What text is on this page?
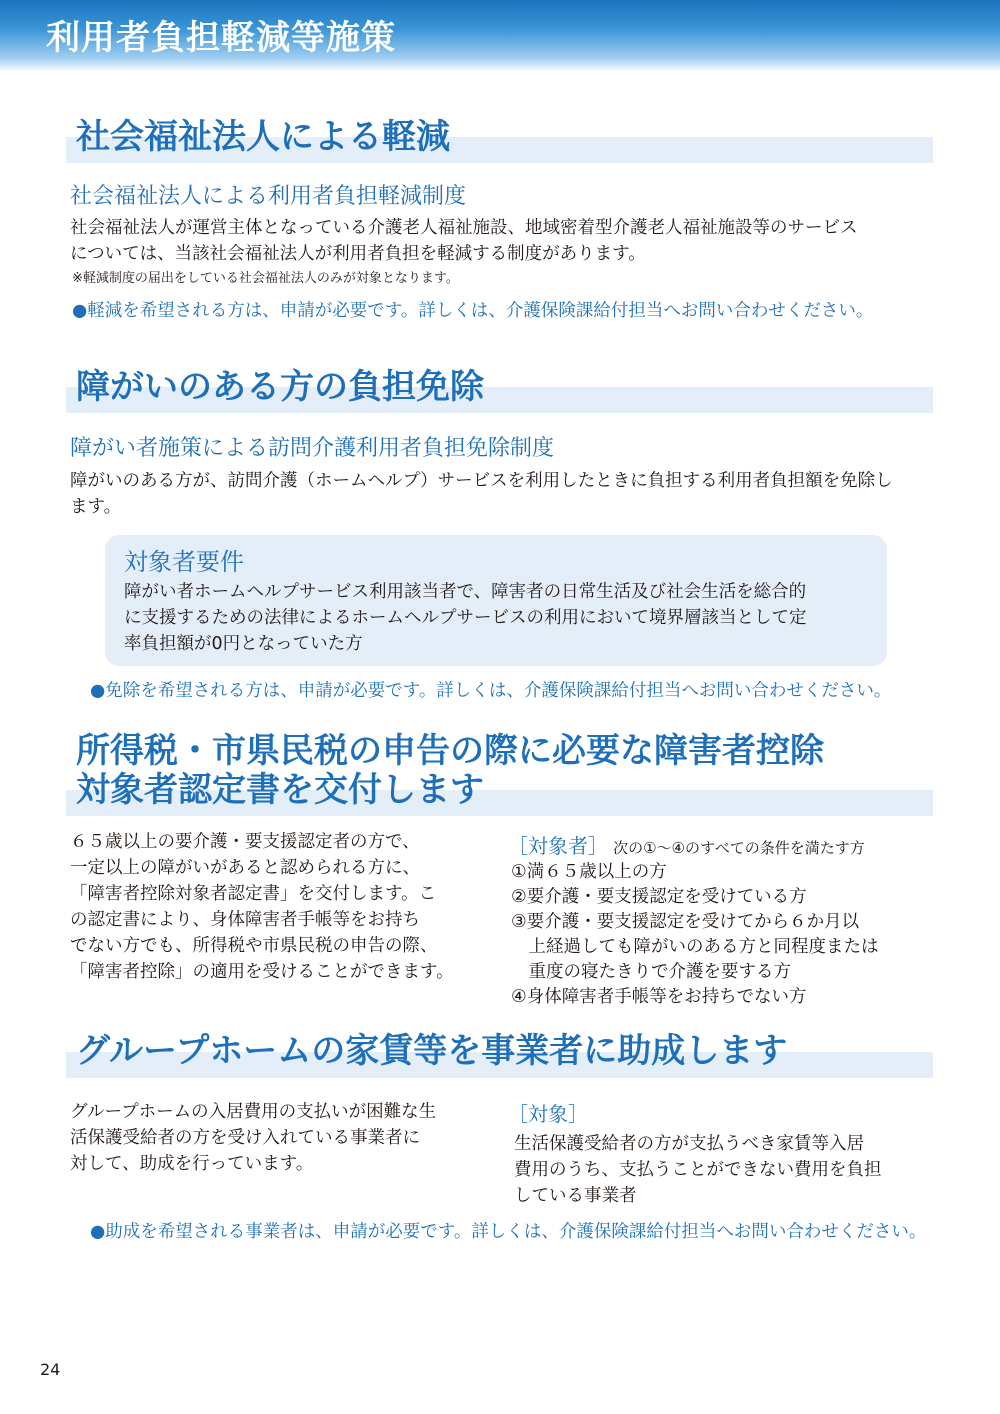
利用者負担軽減等施策
社会福祉法人による軽減
社会福祉法人による利用者負担軽減制度
社会福祉法人が運営主体となっている介護老人福祉施設、地域密着型介護老人福祉施設等のサービス
については、当該社会福祉法人が利用者負担を軽減する制度があります。
※軽減制度の届出をしている社会福祉法人のみが対象となります。
●軽減を希望される方は、申請が必要です。詳しくは、介護保険課給付担当へお問い合わせください。
障がいのある方の負担免除
障がい者施策による訪問介護利用者負担免除制度
障がいのある方が、訪問介護（ホームヘルプ）サービスを利用したときに負担する利用者負担額を免除し
ます。
対象者要件
障がい者ホームヘルプサービス利用該当者で、障害者の日常生活及び社会生活を総合的
に支援するための法律によるホームヘルプサービスの利用において境界層該当として定
率負担額が0円となっていた方
●免除を希望される方は、申請が必要です。詳しくは、介護保険課給付担当へお問い合わせください。
所得税・市県民税の申告の際に必要な障害者控除
対象者認定書を交付します
６５歳以上の要介護・要支援認定者の方で、
一定以上の障がいがあると認められる方に、
「障害者控除対象者認定書」を交付します。こ
の認定書により、身体障害者手帳等をお持ち
でない方でも、所得税や市県民税の申告の際、
「障害者控除」の適用を受けることができます。
［対象者］ 次の①～④のすべての条件を満たす方
①満６５歳以上の方
②要介護・要支援認定を受けている方
③要介護・要支援認定を受けてから６か月以
　上経過しても障がいのある方と同程度または
　重度の寝たきりで介護を要する方
④身体障害者手帳等をお持ちでない方
グループホームの家賃等を事業者に助成します
グループホームの入居費用の支払いが困難な生
活保護受給者の方を受け入れている事業者に
対して、助成を行っています。
［対象］
生活保護受給者の方が支払うべき家賃等入居
費用のうち、支払うことができない費用を負担
している事業者
●助成を希望される事業者は、申請が必要です。詳しくは、介護保険課給付担当へお問い合わせください。
24
